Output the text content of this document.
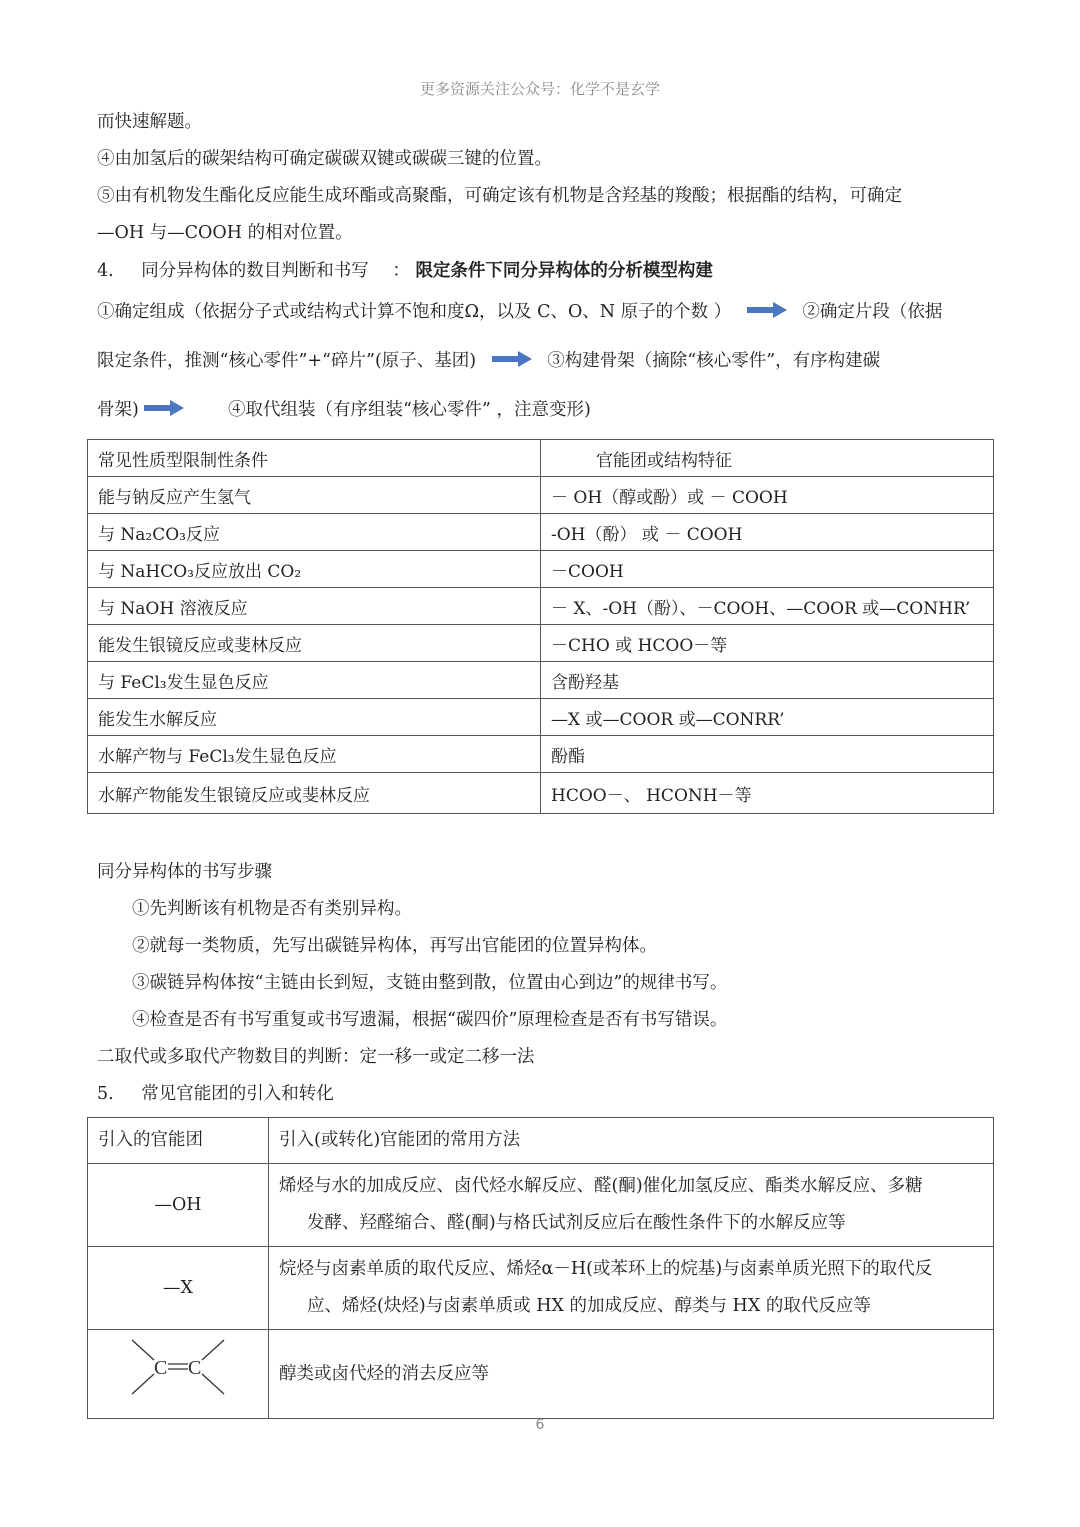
更多资源关注公众号：化学不是玄学
而快速解题。
④由加氢后的碳架结构可确定碳碳双键或碳碳三键的位置。
⑤由有机物发生酯化反应能生成环酯或高聚酯，可确定该有机物是含羟基的羧酸；根据酯的结构，可确定
—OH 与—COOH 的相对位置。
4. 同分异构体的数目判断和书写 ： 限定条件下同分异构体的分析模型构建
①确定组成（依据分子式或结构式计算不饱和度Ω，以及 C、O、N 原子的个数 ）	②确定片段（依据
限定条件，推测“核心零件”+“碎片”(原子、基团)	③构建骨架（摘除“核心零件”，有序构建碳
骨架)	④取代组装（有序组装“核心零件” ，注意变形)
常见性质型限制性条件	官能团或结构特征
能与钠反应产生氢气	－ OH（醇或酚）或 － COOH
与 Na₂CO₃反应	-OH（酚） 或 － COOH
与 NaHCO₃反应放出 CO₂	－COOH
与 NaOH 溶液反应	－ X、-OH（酚）、－COOH、—COOR 或—CONHR’
能发生银镜反应或斐林反应	－CHO 或 HCOO－等
与 FeCl₃发生显色反应	含酚羟基
能发生水解反应	—X 或—COOR 或—CONRR’
水解产物与 FeCl₃发生显色反应	酚酯
水解产物能发生银镜反应或斐林反应	HCOO－、 HCONH－等
同分异构体的书写步骤
①先判断该有机物是否有类别异构。
②就每一类物质，先写出碳链异构体，再写出官能团的位置异构体。
③碳链异构体按“主链由长到短，支链由整到散，位置由心到边”的规律书写。
④检查是否有书写重复或书写遗漏，根据“碳四价”原理检查是否有书写错误。
二取代或多取代产物数目的判断：定一移一或定二移一法
5. 常见官能团的引入和转化
引入的官能团	引入(或转化)官能团的常用方法
—OH	烯烃与水的加成反应、卤代烃水解反应、醛(酮)催化加氢反应、酯类水解反应、多糖
发酵、羟醛缩合、醛(酮)与格氏试剂反应后在酸性条件下的水解反应等

—X	烷烃与卤素单质的取代反应、烯烃α－H(或苯环上的烷基)与卤素单质光照下的取代反
应、烯烃(炔烃)与卤素单质或 HX 的加成反应、醇类与 HX 的取代反应等

C C	醇类或卤代烃的消去反应等
6
